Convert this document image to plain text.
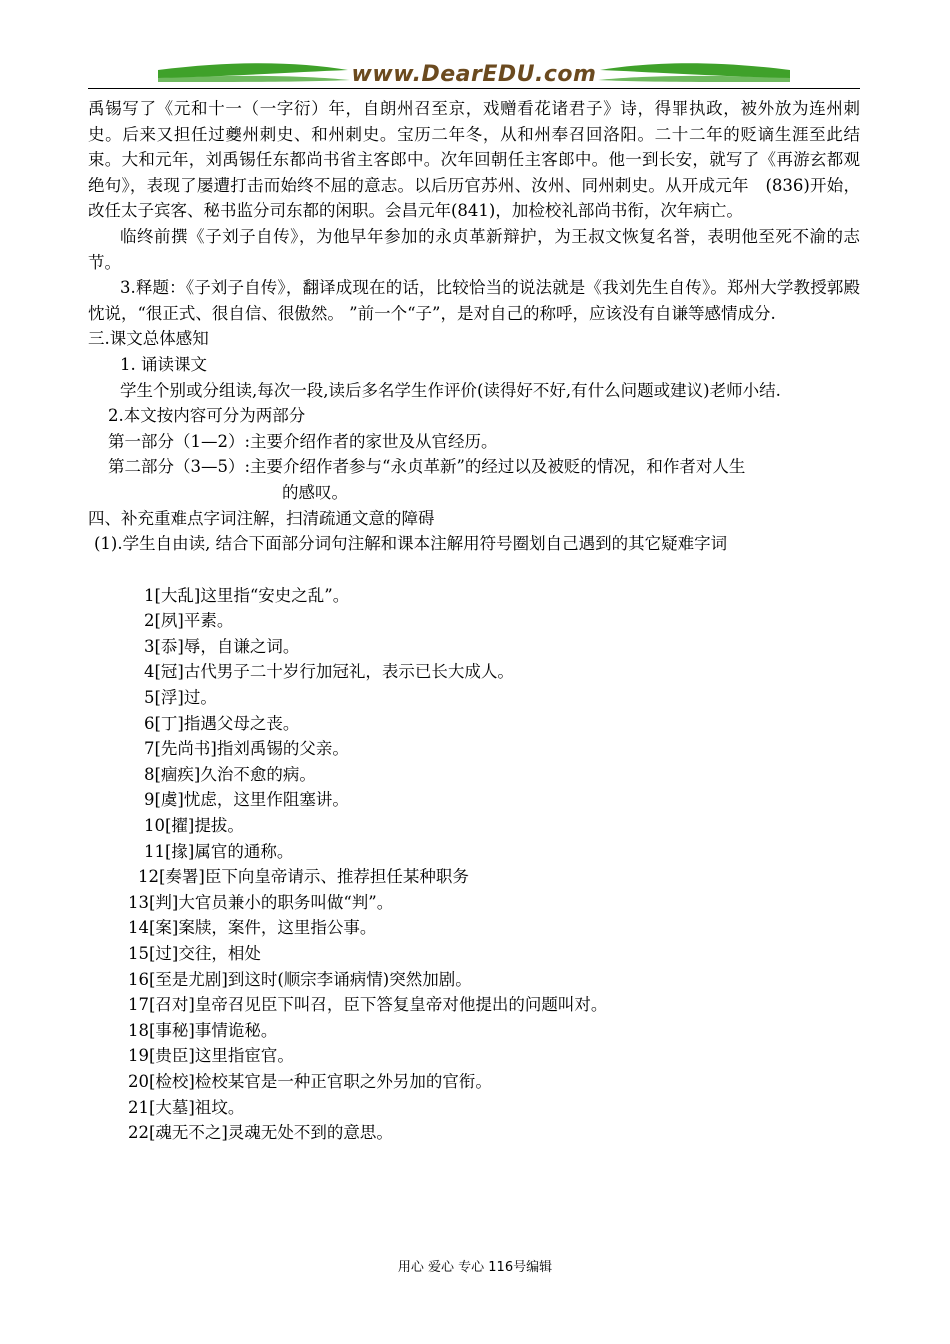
www.DearEDU.com

禹锡写了《元和十一（一字衍）年，自朗州召至京，戏赠看花诸君子》诗，得罪执政，被外放为连州刺史。后来又担任过夔州刺史、和州刺史。宝历二年冬，从和州奉召回洛阳。二十二年的贬谪生涯至此结束。大和元年，刘禹锡任东都尚书省主客郎中。次年回朝任主客郎中。他一到长安，就写了《再游玄都观绝句》，表现了屡遭打击而始终不屈的意志。以后历官苏州、汝州、同州刺史。从开成元年　(836)开始，改任太子宾客、秘书监分司东都的闲职。会昌元年(841)，加检校礼部尚书衔，次年病亡。

临终前撰《子刘子自传》，为他早年参加的永贞革新辩护，为王叔文恢复名誉，表明他至死不渝的志节。

3.释题：《子刘子自传》，翻译成现在的话，比较恰当的说法就是《我刘先生自传》。郑州大学教授郭殿忱说，“很正式、很自信、很傲然。 ”前一个“子”，是对自己的称呼，应该没有自谦等感情成分.

三.课文总体感知
1. 诵读课文

学生个别或分组读,每次一段,读后多名学生作评价(读得好不好,有什么问题或建议)老师小结.

2.本文按内容可分为两部分
第一部分（1—2）:主要介绍作者的家世及从官经历。
第二部分（3—5）:主要介绍作者参与“永贞革新”的经过以及被贬的情况，和作者对人生
的感叹。
四、补充重难点字词注解，扫清疏通文意的障碍
(1).学生自由读, 结合下面部分词句注解和课本注解用符号圈划自己遇到的其它疑难字词
1[大乱]这里指“安史之乱”。
2[夙]平素。
3[忝]辱，自谦之词。
4[冠]古代男子二十岁行加冠礼，表示已长大成人。
5[浮]过。
6[丁]指遇父母之丧。
7[先尚书]指刘禹锡的父亲。
8[痼疾]久治不愈的病。
9[虞]忧虑，这里作阻塞讲。
10[擢]提拔。
11[掾]属官的通称。
12[奏署]臣下向皇帝请示、推荐担任某种职务
13[判]大官员兼小的职务叫做“判”。
14[案]案牍，案件，这里指公事。
15[过]交往，相处
16[至是尤剧]到这时(顺宗李诵病情)突然加剧。
17[召对]皇帝召见臣下叫召，臣下答复皇帝对他提出的问题叫对。
18[事秘]事情诡秘。
19[贵臣]这里指宦官。
20[检校]检校某官是一种正官职之外另加的官衔。
21[大墓]祖坟。
22[魂无不之]灵魂无处不到的意思。
用心 爱心 专心 116号编辑
